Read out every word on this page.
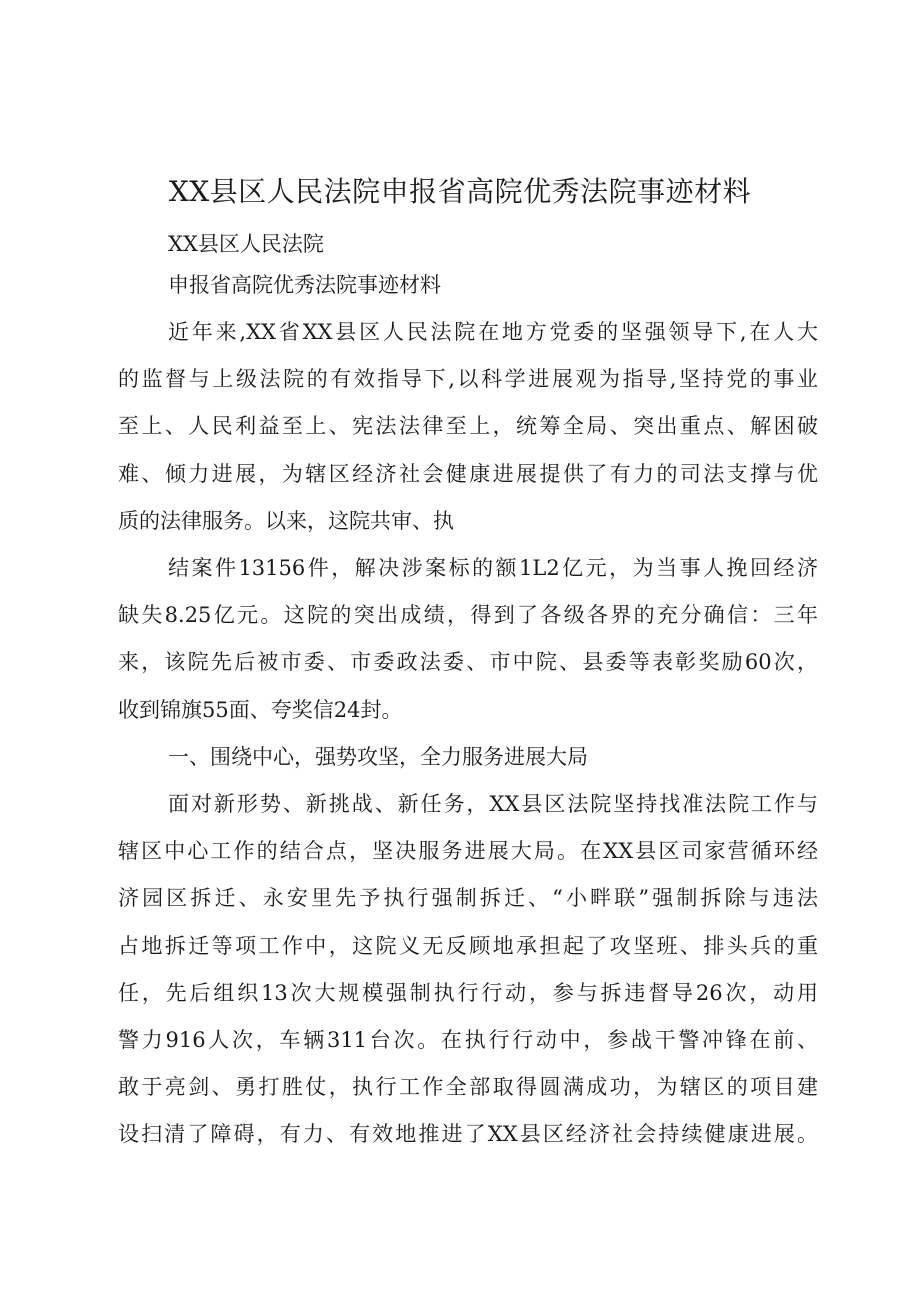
XX县区人民法院申报省高院优秀法院事迹材料
XX县区人民法院
申报省高院优秀法院事迹材料
近年来,XX省XX县区人民法院在地方党委的坚强领导下,在人大
的监督与上级法院的有效指导下,以科学进展观为指导,坚持党的事业
至上、人民利益至上、宪法法律至上，统筹全局、突出重点、解困破
难、倾力进展，为辖区经济社会健康进展提供了有力的司法支撑与优
质的法律服务。以来，这院共审、执
结案件13156件，解决涉案标的额1L2亿元，为当事人挽回经济
缺失8.25亿元。这院的突出成绩，得到了各级各界的充分确信：三年
来，该院先后被市委、市委政法委、市中院、县委等表彰奖励60次，
收到锦旗55面、夸奖信24封。
一、围绕中心，强势攻坚，全力服务进展大局
面对新形势、新挑战、新任务，XX县区法院坚持找准法院工作与
辖区中心工作的结合点，坚决服务进展大局。在XX县区司家营循环经
济园区拆迁、永安里先予执行强制拆迁、“小畔联”强制拆除与违法
占地拆迁等项工作中，这院义无反顾地承担起了攻坚班、排头兵的重
任，先后组织13次大规模强制执行行动，参与拆违督导26次，动用
警力916人次，车辆311台次。在执行行动中，参战干警冲锋在前、
敢于亮剑、勇打胜仗，执行工作全部取得圆满成功，为辖区的项目建
设扫清了障碍，有力、有效地推进了XX县区经济社会持续健康进展。
